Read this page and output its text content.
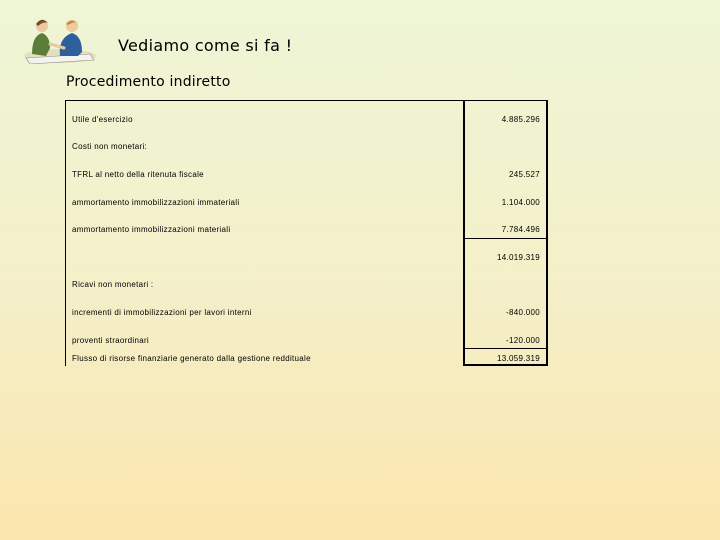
Vediamo come si fa !
Procedimento indiretto
Utile d'esercizio	4.885.296
Costi non monetari:
TFRL al netto della ritenuta fiscale	245.527
ammortamento immobilizzazioni immateriali	1.104.000
ammortamento immobilizzazioni materiali	7.784.496
14.019.319
Ricavi non monetari :
incrementi di immobilizzazioni per lavori interni	-840.000
proventi straordinari	-120.000
Flusso di risorse finanziarie generato dalla gestione reddituale	13.059.319
